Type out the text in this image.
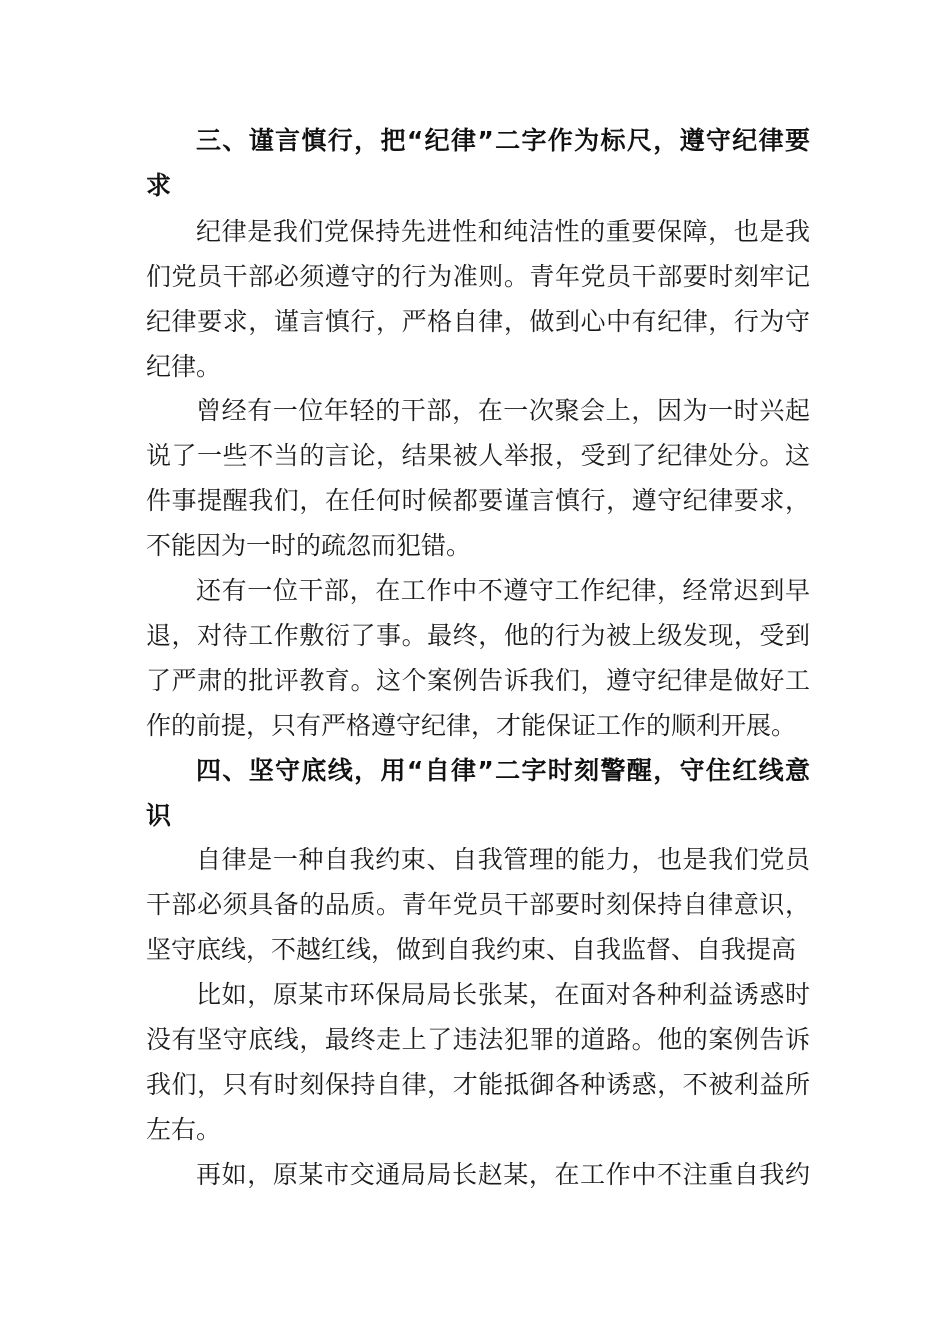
三、谨言慎行，把“纪律”二字作为标尺，遵守纪律要
求
纪律是我们党保持先进性和纯洁性的重要保障，也是我
们党员干部必须遵守的行为准则。青年党员干部要时刻牢记
纪律要求，谨言慎行，严格自律，做到心中有纪律，行为守
纪律。
曾经有一位年轻的干部，在一次聚会上，因为一时兴起
说了一些不当的言论，结果被人举报，受到了纪律处分。这
件事提醒我们，在任何时候都要谨言慎行，遵守纪律要求，
不能因为一时的疏忽而犯错。
还有一位干部，在工作中不遵守工作纪律，经常迟到早
退，对待工作敷衍了事。最终，他的行为被上级发现，受到
了严肃的批评教育。这个案例告诉我们，遵守纪律是做好工
作的前提，只有严格遵守纪律，才能保证工作的顺利开展。
四、坚守底线，用“自律”二字时刻警醒，守住红线意
识
自律是一种自我约束、自我管理的能力，也是我们党员
干部必须具备的品质。青年党员干部要时刻保持自律意识，
坚守底线，不越红线，做到自我约束、自我监督、自我提高
比如，原某市环保局局长张某，在面对各种利益诱惑时
没有坚守底线，最终走上了违法犯罪的道路。他的案例告诉
我们，只有时刻保持自律，才能抵御各种诱惑，不被利益所
左右。
再如，原某市交通局局长赵某，在工作中不注重自我约
